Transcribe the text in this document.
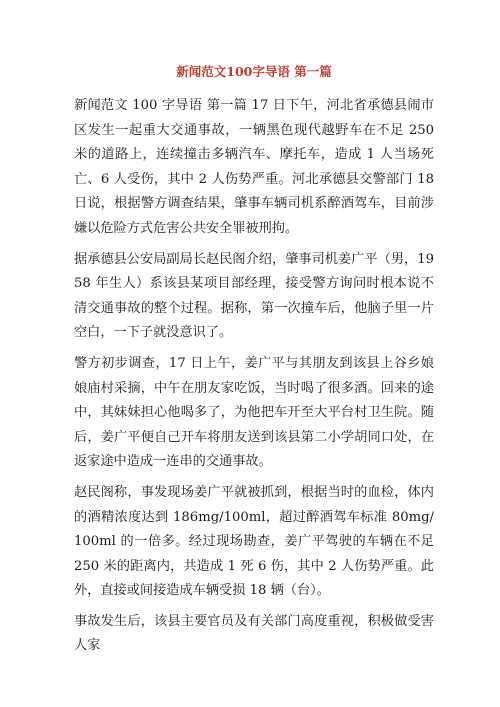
新闻范文100字导语 第一篇

新闻范文 100 字导语 第一篇 17 日下午，河北省承德县闹市区发生一起重大交通事故，一辆黑色现代越野车在不足 250 米的道路上，连续撞击多辆汽车、摩托车，造成 1 人当场死亡、6 人受伤，其中 2 人伤势严重。河北承德县交警部门 18 日说，根据警方调查结果，肇事车辆司机系醉酒驾车，目前涉嫌以危险方式危害公共安全罪被刑拘。

据承德县公安局副局长赵民阁介绍，肇事司机姜广平（男，1958 年生人）系该县某项目部经理，接受警方询问时根本说不清交通事故的整个过程。据称，第一次撞车后，他脑子里一片空白，一下子就没意识了。

警方初步调查，17 日上午，姜广平与其朋友到该县上谷乡娘娘庙村采摘，中午在朋友家吃饭，当时喝了很多酒。回来的途中，其妹妹担心他喝多了，为他把车开至大平台村卫生院。随后，姜广平便自己开车将朋友送到该县第二小学胡同口处，在返家途中造成一连串的交通事故。

赵民阁称，事发现场姜广平就被抓到，根据当时的血检，体内的酒精浓度达到 186mg/100ml，超过醉酒驾车标准 80mg/100ml 的一倍多。经过现场勘查，姜广平驾驶的车辆在不足 250 米的距离内，共造成 1 死 6 伤，其中 2 人伤势严重。此外，直接或间接造成车辆受损 18 辆（台）。

事故发生后，该县主要官员及有关部门高度重视，积极做受害人家
